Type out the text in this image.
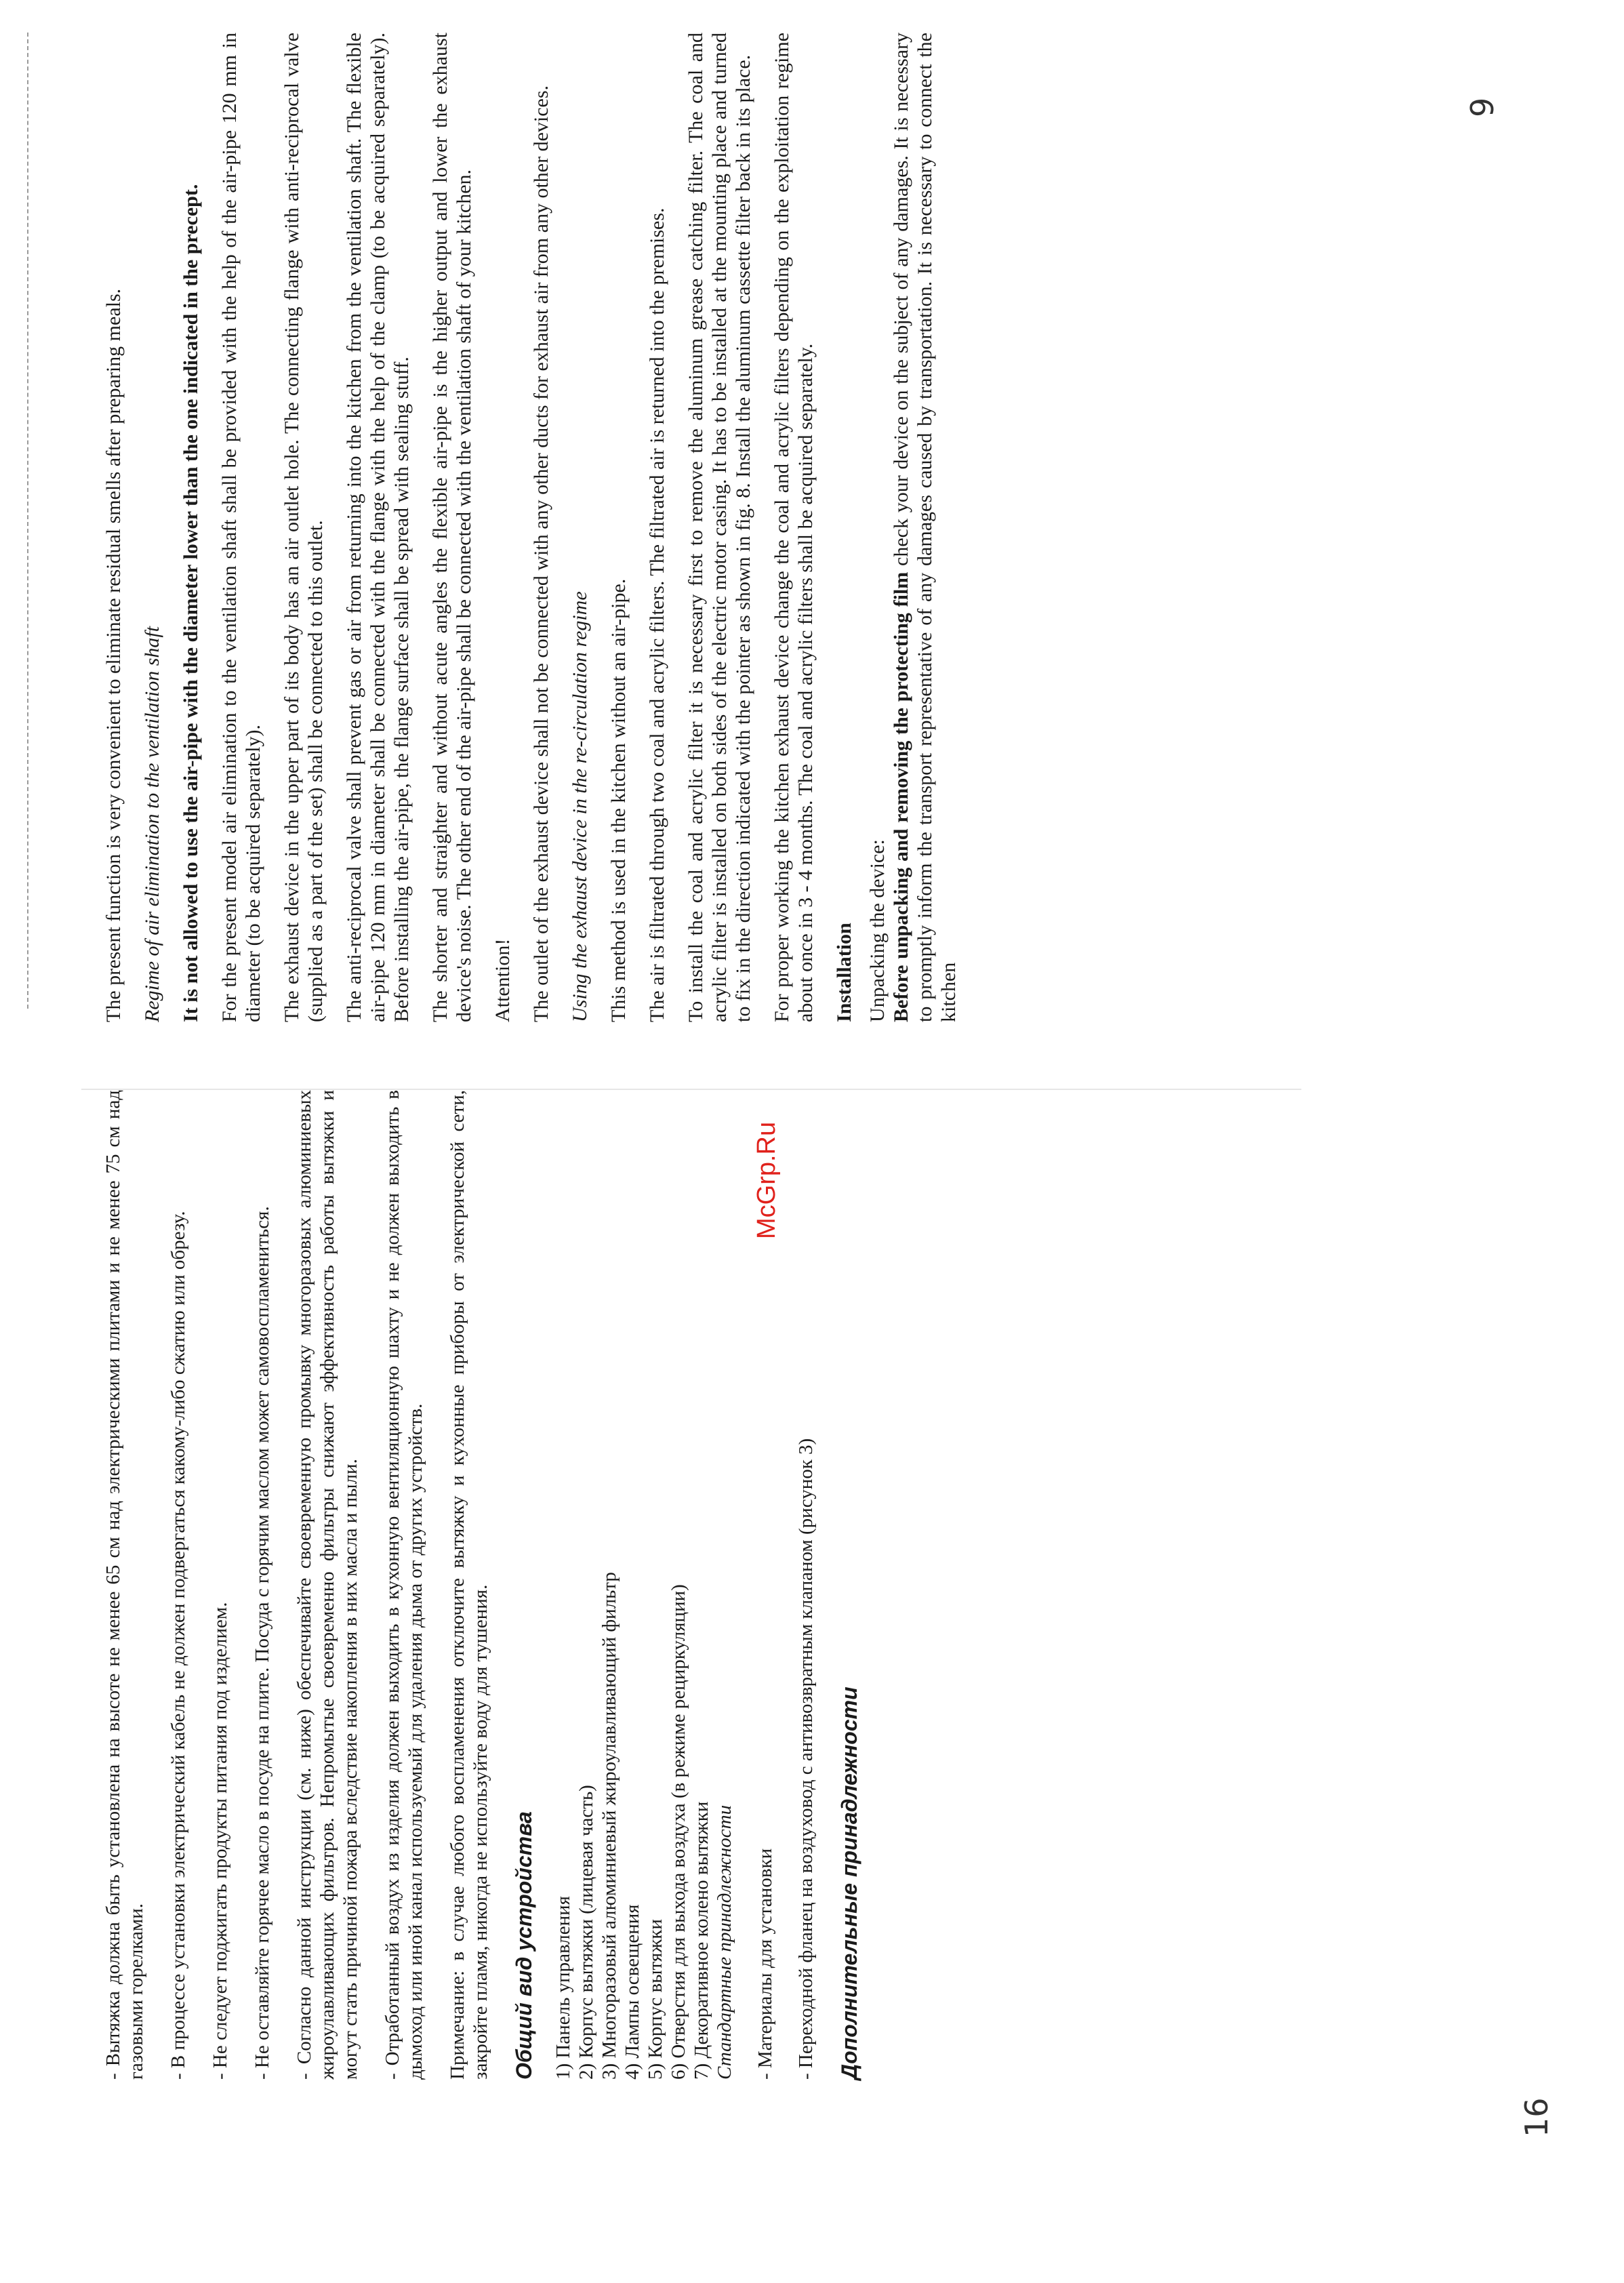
- Вытяжка должна быть установлена на высоте не менее 65 см над электрическими плитами и не менее 75 см над газовыми горелками. - В процессе установки электрический кабель не должен подвергаться какому-либо сжатию или обрезу. - Не следует поджигать продукты питания под изделием. - Не оставляйте горячее масло в посуде на плите. Посуда с горячим маслом может самовоспламениться. - Согласно данной инструкции (см. ниже) обеспечивайте своевременную промывку многоразовых алюминиевых жироулавливающих фильтров. Непромытые своевременно фильтры снижают эффективность работы вытяжки и могут стать причиной пожара вследствие накопления в них масла и пыли. - Отработанный воздух из изделия должен выходить в кухонную вентиляционную шахту и не должен выходить в дымоход или иной канал используемый для удаления дыма от других устройств. Примечание: в случае любого воспламенения отключите вытяжку и кухонные приборы от электрической сети, закройте пламя, никогда не используйте воду для тушения. Общий вид устройства 1) Панель управления 2) Корпус вытяжки (лицевая часть) 3) Многоразовый алюминиевый жироулавливающий фильтр 4) Лампы освещения 5) Корпус вытяжки 6) Отверстия для выхода воздуха (в режиме рециркуляции) 7) Декоративное колено вытяжки Стандартные принадлежности - Материалы для установки - Переходной фланец на воздуховод с антивозвратным клапаном (рисунок 3) Дополнительные принадлежности

The present function is very convenient to eliminate residual smells after preparing meals. Regime of air elimination to the ventilation shaft It is not allowed to use the air-pipe with the diameter lower than the one indicated in the precept. For the present model air elimination to the ventilation shaft shall be provided with the help of the air-pipe 120 mm in diameter (to be acquired separately). The exhaust device in the upper part of its body has an air outlet hole. The connecting flange with anti-reciprocal valve (supplied as a part of the set) shall be connected to this outlet. The anti-reciprocal valve shall prevent gas or air from returning into the kitchen from the ventilation shaft. The flexible air-pipe 120 mm in diameter shall be connected with the flange with the help of the clamp (to be acquired separately). Before installing the air-pipe, the flange surface shall be spread with sealing stuff. The shorter and straighter and without acute angles the flexible air-pipe is the higher output and lower the exhaust device's noise. The other end of the air-pipe shall be connected with the ventilation shaft of your kitchen. Attention! The outlet of the exhaust device shall not be connected with any other ducts for exhaust air from any other devices. Using the exhaust device in the re-circulation regime This method is used in the kitchen without an air-pipe. The air is filtrated through two coal and acrylic filters. The filtrated air is returned into the premises. To install the coal and acrylic filter it is necessary first to remove the aluminum grease catching filter. The coal and acrylic filter is installed on both sides of the electric motor casing. It has to be installed at the mounting place and turned to fix in the direction indicated with the pointer as shown in fig. 8. Install the aluminum cassette filter back in its place. For proper working the kitchen exhaust device change the coal and acrylic filters depending on the exploitation regime about once in 3 - 4 months. The coal and acrylic filters shall be acquired separately. Installation Unpacking the device: Before unpacking and removing the protecting film check your device on the subject of any damages. It is necessary to promptly inform the transport representative of any damages caused by transportation. It is necessary to connect the kitchen
McGrp.Ru
16
9
